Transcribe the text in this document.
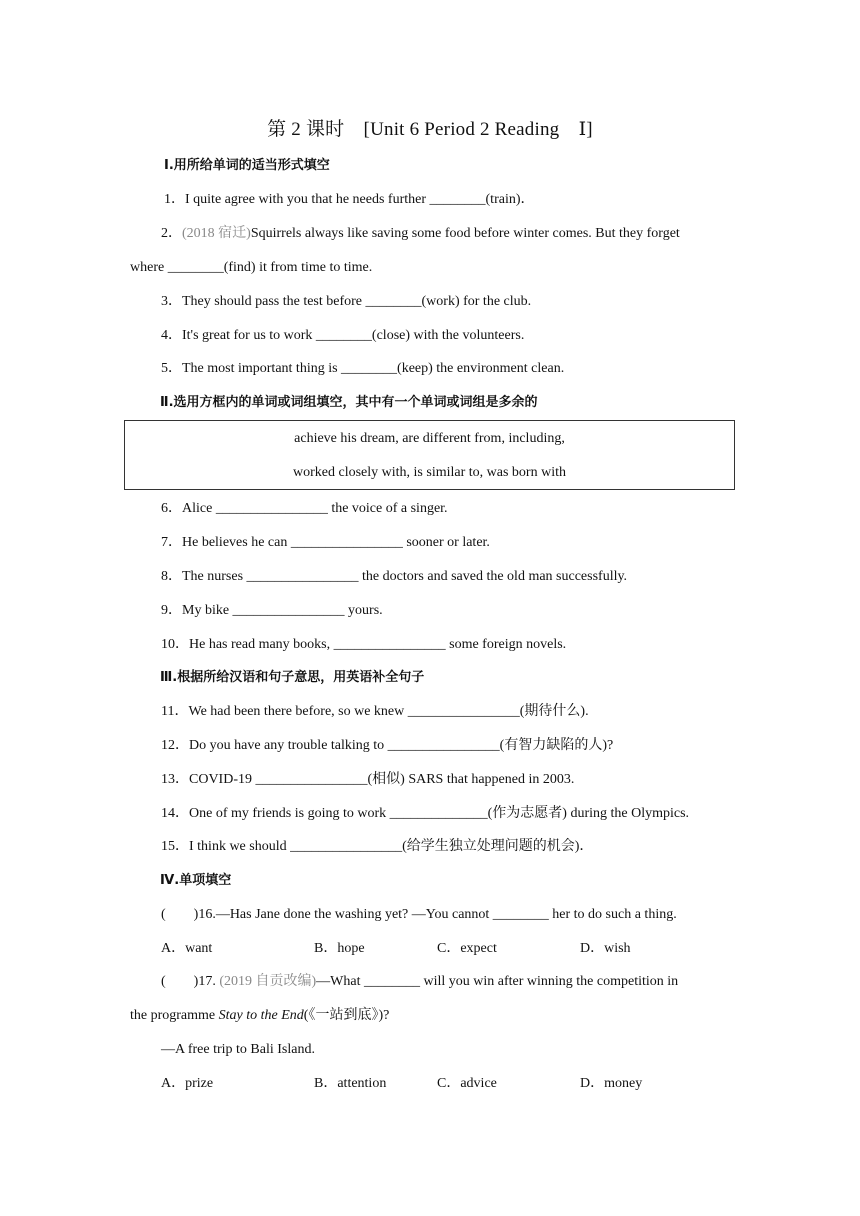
第 2 课时　[Unit 6 Period 2 Reading　Ⅰ]
Ⅰ.用所给单词的适当形式填空
1．I quite agree with you that he needs further ________(train)．
2．(2018 宿迁)Squirrels always like saving some food before winter comes. But they forget
where ________(find) it from time to time.
3．They should pass the test before ________(work) for the club.
4．It's great for us to work ________(close) with the volunteers.
5．The most important thing is ________(keep) the environment clean.
Ⅱ.选用方框内的单词或词组填空，其中有一个单词或词组是多余的
achieve his dream, are different from, including,
worked closely with, is similar to, was born with
6．Alice ________________ the voice of a singer.
7．He believes he can ________________ sooner or later.
8．The nurses ________________ the doctors and saved the old man successfully.
9．My bike ________________ yours.
10．He has read many books, ________________ some foreign novels.
Ⅲ.根据所给汉语和句子意思，用英语补全句子
11．We had been there before, so we knew ________________(期待什么).
12．Do you have any trouble talking to ________________(有智力缺陷的人)?
13．COVID-19 ________________(相似) SARS that happened in 2003.
14．One of my friends is going to work ______________(作为志愿者) during the Olympics.
15．I think we should ________________(给学生独立处理问题的机会)．
Ⅳ.单项填空
(　　)16.—Has Jane done the washing yet? —You cannot ________ her to do such a thing.
A．want	B．hope	C．expect	D．wish
(　　)17. (2019 自贡改编)—What ________ will you win after winning the competition in
the programme Stay to the End(《一站到底》)?
—A free trip to Bali Island.
A．prize	B．attention	C．advice	D．money
